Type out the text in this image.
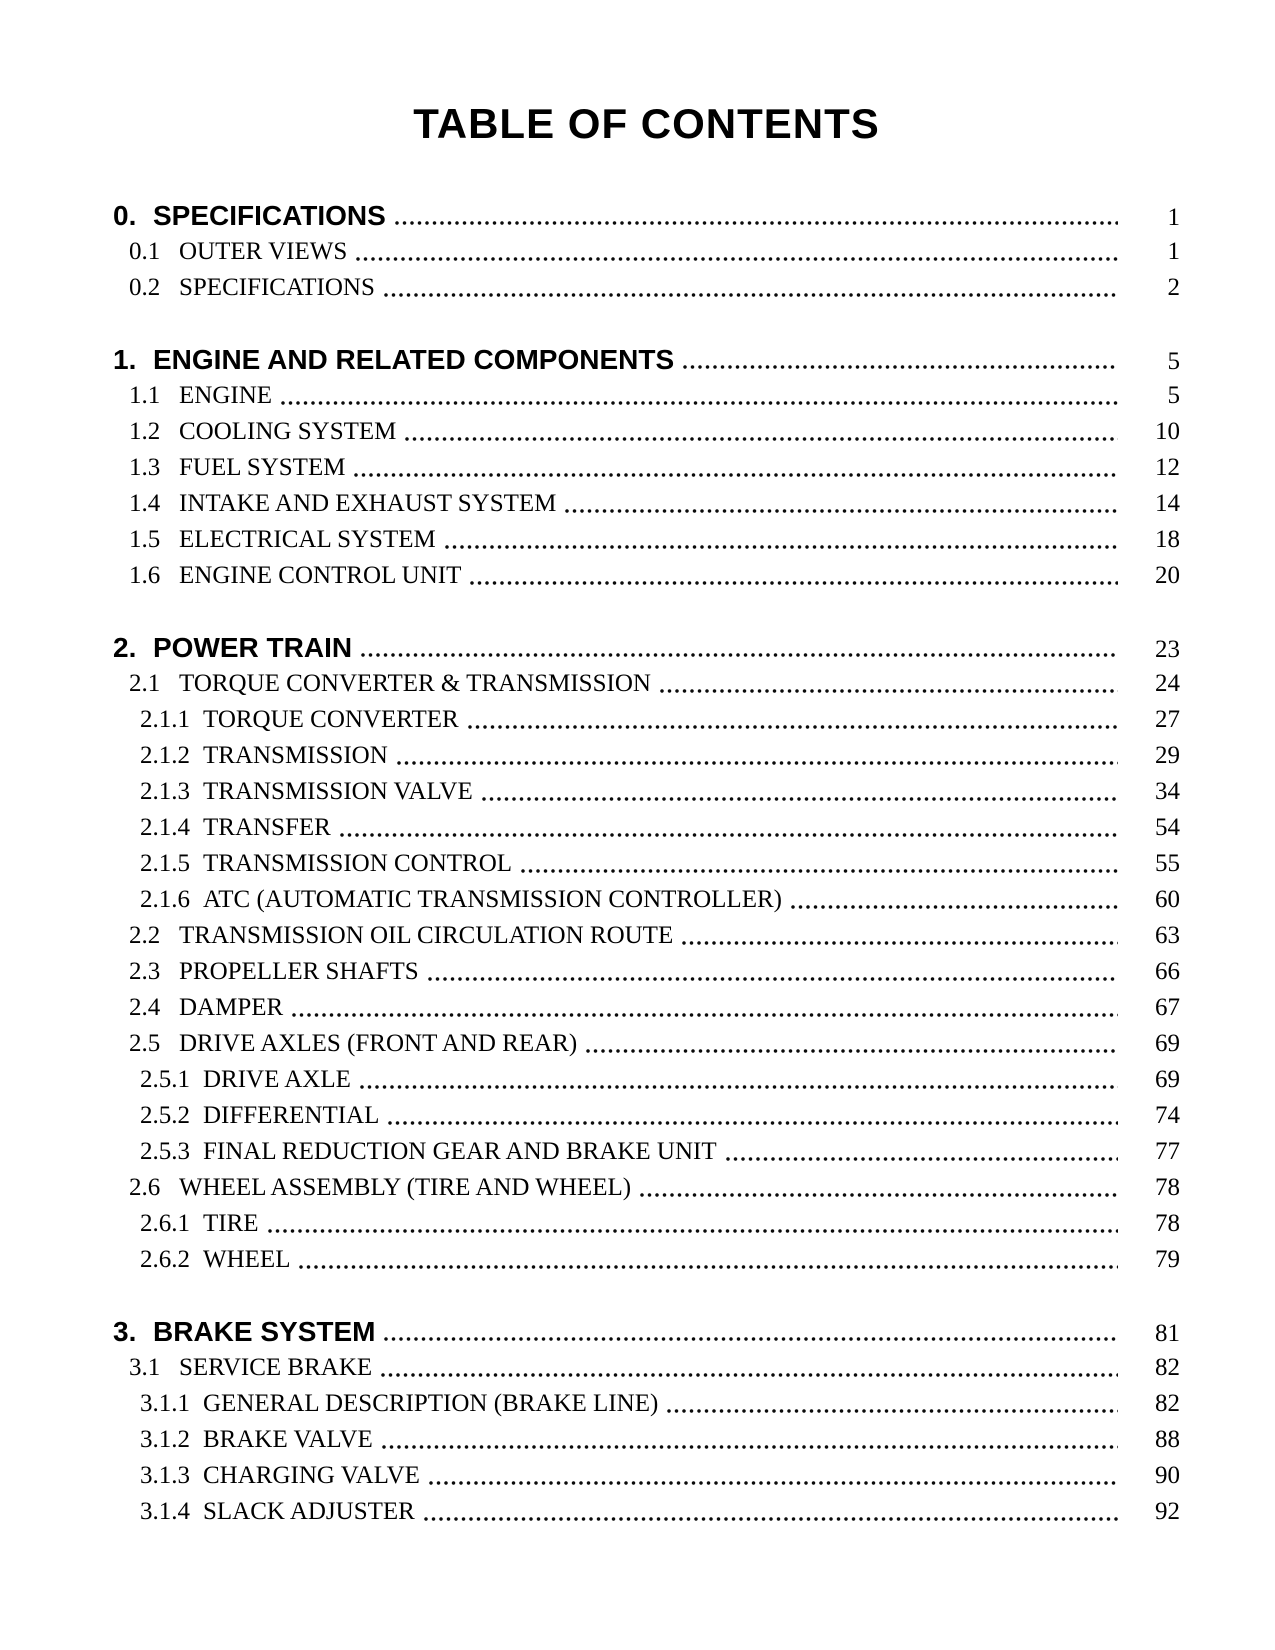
TABLE OF CONTENTS
0. SPECIFICATIONS	1
0.1 OUTER VIEWS	1
0.2 SPECIFICATIONS	2
1. ENGINE AND RELATED COMPONENTS	5
1.1 ENGINE	5
1.2 COOLING SYSTEM	10
1.3 FUEL SYSTEM	12
1.4 INTAKE AND EXHAUST SYSTEM	14
1.5 ELECTRICAL SYSTEM	18
1.6 ENGINE CONTROL UNIT	20
2. POWER TRAIN	23
2.1 TORQUE CONVERTER & TRANSMISSION	24
2.1.1 TORQUE CONVERTER	27
2.1.2 TRANSMISSION	29
2.1.3 TRANSMISSION VALVE	34
2.1.4 TRANSFER	54
2.1.5 TRANSMISSION CONTROL	55
2.1.6 ATC (AUTOMATIC TRANSMISSION CONTROLLER)	60
2.2 TRANSMISSION OIL CIRCULATION ROUTE	63
2.3 PROPELLER SHAFTS	66
2.4 DAMPER	67
2.5 DRIVE AXLES (FRONT AND REAR)	69
2.5.1 DRIVE AXLE	69
2.5.2 DIFFERENTIAL	74
2.5.3 FINAL REDUCTION GEAR AND BRAKE UNIT	77
2.6 WHEEL ASSEMBLY (TIRE AND WHEEL)	78
2.6.1 TIRE	78
2.6.2 WHEEL	79
3. BRAKE SYSTEM	81
3.1 SERVICE BRAKE	82
3.1.1 GENERAL DESCRIPTION (BRAKE LINE)	82
3.1.2 BRAKE VALVE	88
3.1.3 CHARGING VALVE	90
3.1.4 SLACK ADJUSTER	92
